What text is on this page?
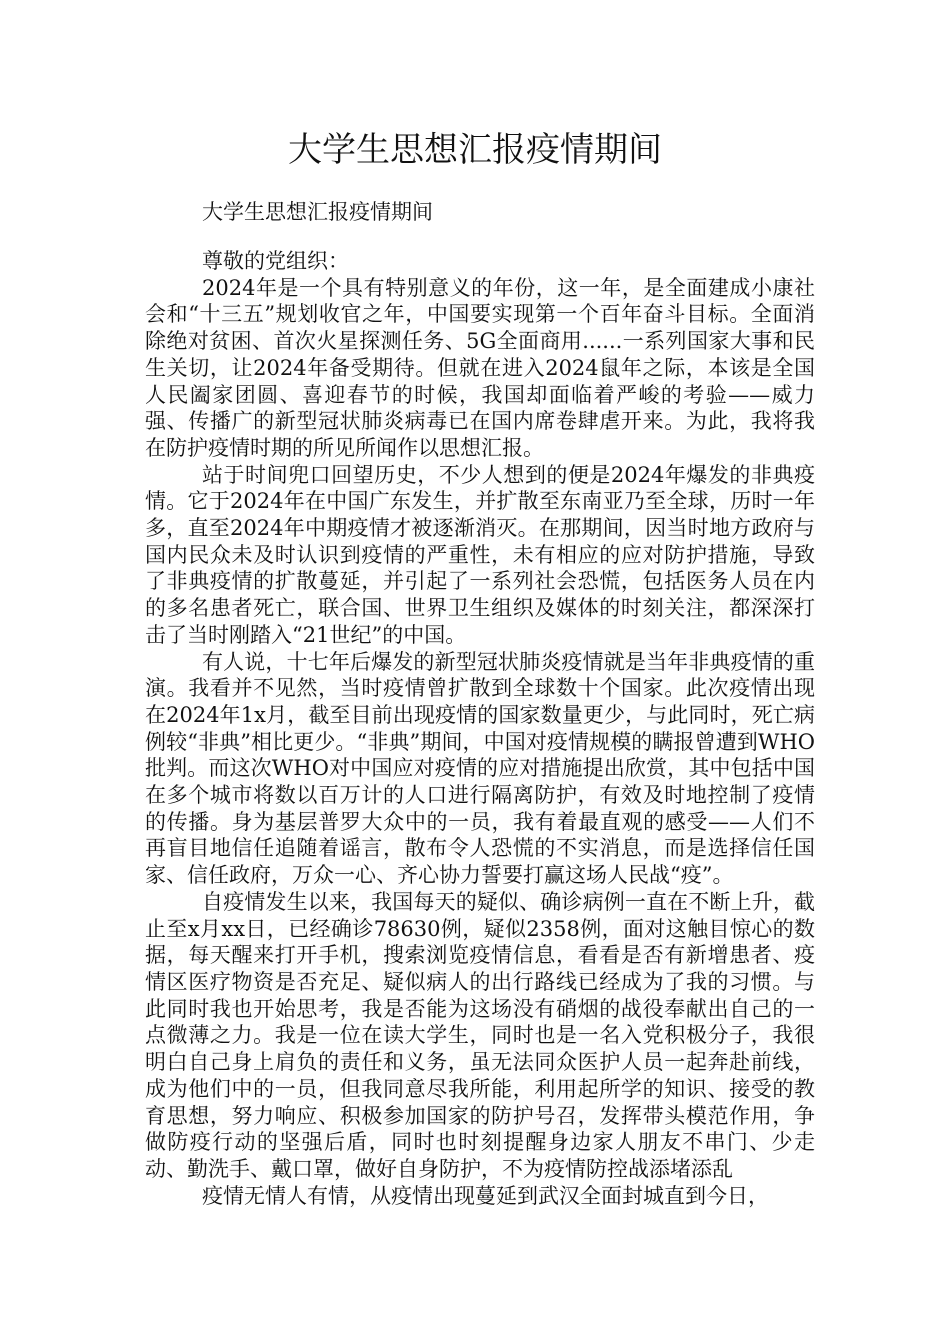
大学生思想汇报疫情期间

大学生思想汇报疫情期间

尊敬的党组织：

2024年是一个具有特别意义的年份，这一年，是全面建成小康社会和“十三五”规划收官之年，中国要实现第一个百年奋斗目标。全面消除绝对贫困、首次火星探测任务、5G全面商用......一系列国家大事和民生关切，让2024年备受期待。但就在进入2024鼠年之际，本该是全国人民阖家团圆、喜迎春节的时候，我国却面临着严峻的考验——威力强、传播广的新型冠状肺炎病毒已在国内席卷肆虐开来。为此，我将我在防护疫情时期的所见所闻作以思想汇报。

站于时间兜口回望历史，不少人想到的便是2024年爆发的非典疫情。它于2024年在中国广东发生，并扩散至东南亚乃至全球，历时一年多，直至2024年中期疫情才被逐渐消灭。在那期间，因当时地方政府与国内民众未及时认识到疫情的严重性，未有相应的应对防护措施，导致了非典疫情的扩散蔓延，并引起了一系列社会恐慌，包括医务人员在内的多名患者死亡，联合国、世界卫生组织及媒体的时刻关注，都深深打击了当时刚踏入“21世纪”的中国。

有人说，十七年后爆发的新型冠状肺炎疫情就是当年非典疫情的重演。我看并不见然，当时疫情曾扩散到全球数十个国家。此次疫情出现在2024年1x月，截至目前出现疫情的国家数量更少，与此同时，死亡病例较“非典”相比更少。“非典”期间，中国对疫情规模的瞒报曾遭到WHO批判。而这次WHO对中国应对疫情的应对措施提出欣赏，其中包括中国在多个城市将数以百万计的人口进行隔离防护，有效及时地控制了疫情的传播。身为基层普罗大众中的一员，我有着最直观的感受——人们不再盲目地信任追随着谣言，散布令人恐慌的不实消息，而是选择信任国家、信任政府，万众一心、齐心协力誓要打赢这场人民战“疫”。

自疫情发生以来，我国每天的疑似、确诊病例一直在不断上升，截止至x月xx日，已经确诊78630例，疑似2358例，面对这触目惊心的数据，每天醒来打开手机，搜索浏览疫情信息，看看是否有新增患者、疫情区医疗物资是否充足、疑似病人的出行路线已经成为了我的习惯。与此同时我也开始思考，我是否能为这场没有硝烟的战役奉献出自己的一点微薄之力。我是一位在读大学生，同时也是一名入党积极分子，我很明白自己身上肩负的责任和义务，虽无法同众医护人员一起奔赴前线，成为他们中的一员，但我同意尽我所能，利用起所学的知识、接受的教育思想，努力响应、积极参加国家的防护号召，发挥带头模范作用，争做防疫行动的坚强后盾，同时也时刻提醒身边家人朋友不串门、少走动、勤洗手、戴口罩，做好自身防护，不为疫情防控战添堵添乱

疫情无情人有情，从疫情出现蔓延到武汉全面封城直到今日，
